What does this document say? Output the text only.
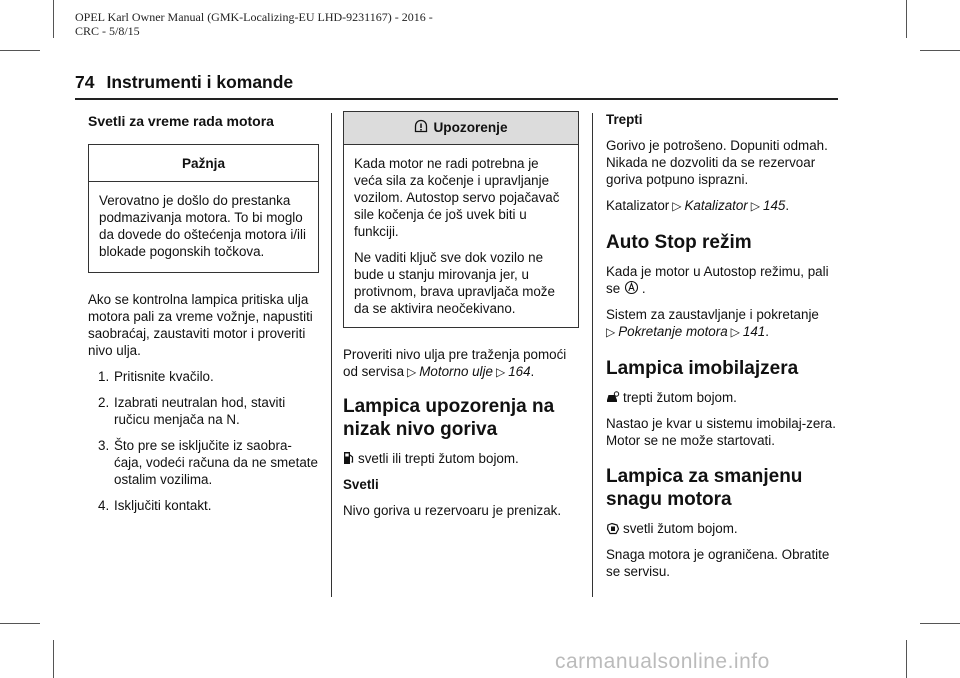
OPEL Karl Owner Manual (GMK-Localizing-EU LHD-9231167) - 2016 -
CRC - 5/8/15
74 Instrumenti i komande
Svetli za vreme rada motora
Pažnja
Verovatno je došlo do prestanka podmazivanja motora. To bi moglo da dovede do oštećenja motora i/ili blokade pogonskih točkova.

Ako se kontrolna lampica pritiska ulja motora pali za vreme vožnje, napustiti saobraćaj, zaustaviti motor i proveriti nivo ulja.

1. Pritisnite kvačilo.
2. Izabrati neutralan hod, staviti ručicu menjača na N.
3. Što pre se isključite iz saobra-ćaja, vodeći računa da ne smetate ostalim vozilima.
4. Isključiti kontakt.
Upozorenje

Kada motor ne radi potrebna je veća sila za kočenje i upravljanje vozilom. Autostop servo pojačavač sile kočenja će još uvek biti u funkciji.

Ne vaditi ključ sve dok vozilo ne bude u stanju mirovanja jer, u protivnom, brava upravljača može da se aktivira neočekivano.

Proveriti nivo ulja pre traženja pomoći od servisa ▷ Motorno ulje ▷ 164.

Lampica upozorenja na nizak nivo goriva

svetli ili trepti žutom bojom.

Svetli

Nivo goriva u rezervoaru je prenizak.

Trepti

Gorivo je potrošeno. Dopuniti odmah. Nikada ne dozvoliti da se rezervoar goriva potpuno isprazni.

Katalizator ▷ Katalizator ▷ 145.

Auto Stop režim

Kada je motor u Autostop režimu, pali se .

Sistem za zaustavljanje i pokretanje
▷ Pokretanje motora ▷ 141.

Lampica imobilajzera

trepti žutom bojom.

Nastao je kvar u sistemu imobilaj-zera. Motor se ne može startovati.

Lampica za smanjenu snagu motora

svetli žutom bojom.

Snaga motora je ograničena. Obratite se servisu.

carmanualsonline.info
